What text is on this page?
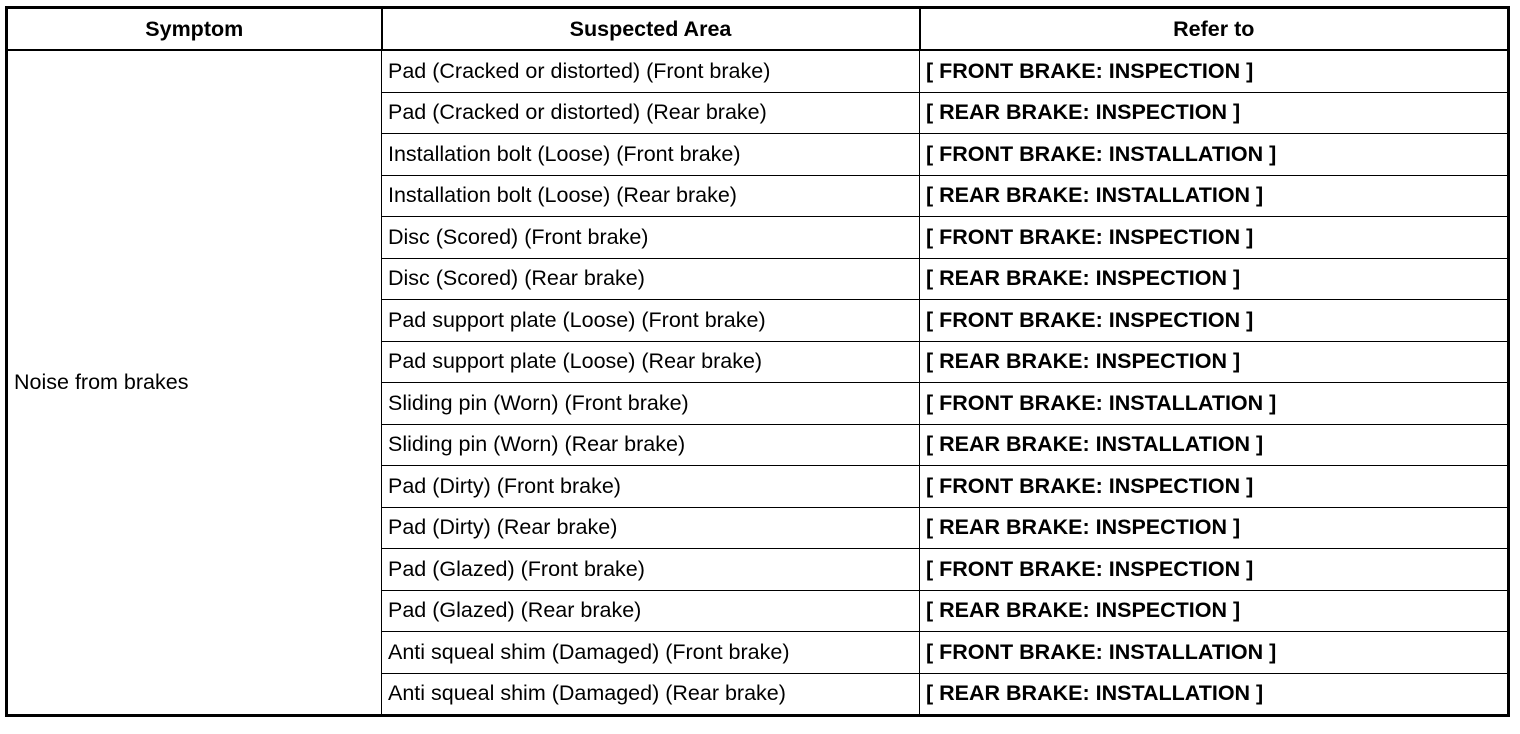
Symptom	Suspected Area	Refer to
Noise from brakes	Pad (Cracked or distorted) (Front brake)	[ FRONT BRAKE: INSPECTION ]
	Pad (Cracked or distorted) (Rear brake)	[ REAR BRAKE: INSPECTION ]
	Installation bolt (Loose) (Front brake)	[ FRONT BRAKE: INSTALLATION ]
	Installation bolt (Loose) (Rear brake)	[ REAR BRAKE: INSTALLATION ]
	Disc (Scored) (Front brake)	[ FRONT BRAKE: INSPECTION ]
	Disc (Scored) (Rear brake)	[ REAR BRAKE: INSPECTION ]
	Pad support plate (Loose) (Front brake)	[ FRONT BRAKE: INSPECTION ]
	Pad support plate (Loose) (Rear brake)	[ REAR BRAKE: INSPECTION ]
	Sliding pin (Worn) (Front brake)	[ FRONT BRAKE: INSTALLATION ]
	Sliding pin (Worn) (Rear brake)	[ REAR BRAKE: INSTALLATION ]
	Pad (Dirty) (Front brake)	[ FRONT BRAKE: INSPECTION ]
	Pad (Dirty) (Rear brake)	[ REAR BRAKE: INSPECTION ]
	Pad (Glazed) (Front brake)	[ FRONT BRAKE: INSPECTION ]
	Pad (Glazed) (Rear brake)	[ REAR BRAKE: INSPECTION ]
	Anti squeal shim (Damaged) (Front brake)	[ FRONT BRAKE: INSTALLATION ]
	Anti squeal shim (Damaged) (Rear brake)	[ REAR BRAKE: INSTALLATION ]
